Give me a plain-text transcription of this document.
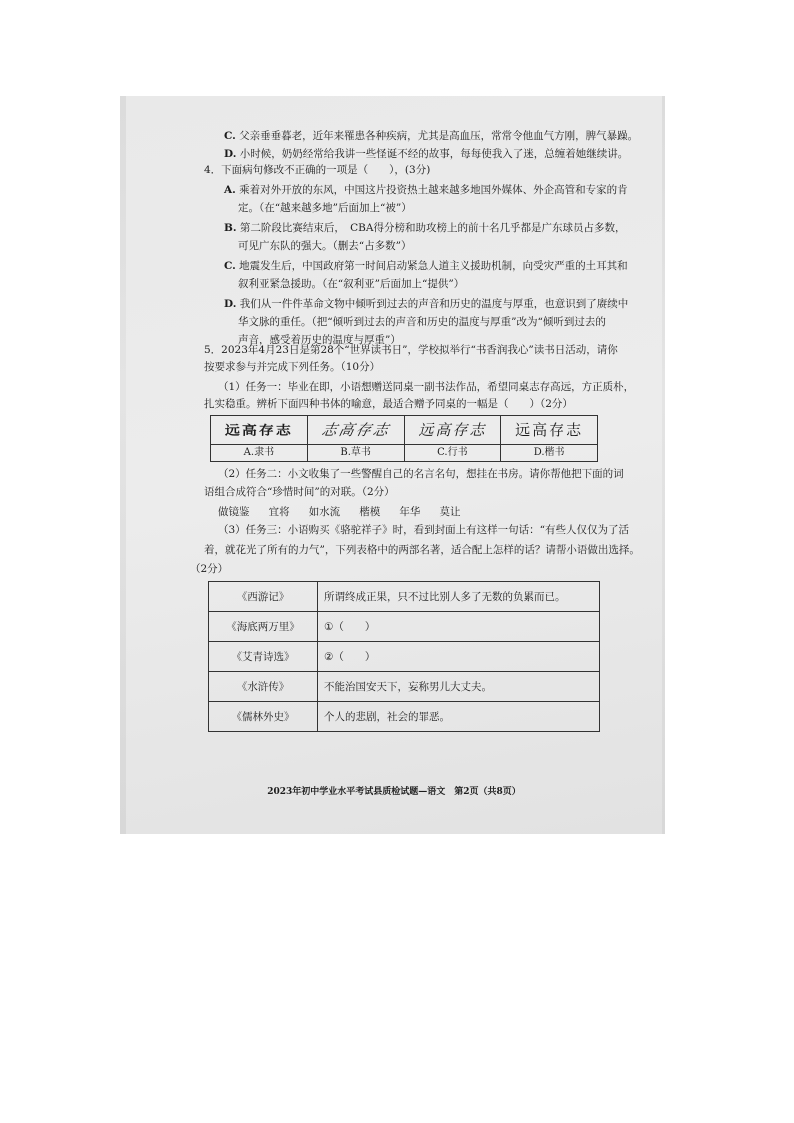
C. 父亲垂垂暮老，近年来罹患各种疾病，尤其是高血压，常常令他血气方刚，脾气暴躁。
D. 小时候，奶奶经常给我讲一些怪诞不经的故事，每每使我入了迷，总缠着她继续讲。
4．下面病句修改不正确的一项是（　　），(3分)
A. 乘着对外开放的东风，中国这片投资热土越来越多地国外媒体、外企高管和专家的肯
定。（在“越来越多地”后面加上“被”）
B. 第二阶段比赛结束后，　CBA得分榜和助攻榜上的前十名几乎都是广东球员占多数，
可见广东队的强大。（删去“占多数”）
C. 地震发生后，中国政府第一时间启动紧急人道主义援助机制，向受灾严重的土耳其和
叙利亚紧急援助。（在“叙利亚”后面加上“提供”）
D. 我们从一件件革命文物中倾听到过去的声音和历史的温度与厚重，也意识到了赓续中
华文脉的重任。（把“倾听到过去的声音和历史的温度与厚重”改为“倾听到过去的
声音，感受着历史的温度与厚重”）
5．2023年4月23日是第28个“世界读书日”，学校拟举行“书香润我心”读书日活动，请你
按要求参与并完成下列任务。（10分）
（1）任务一：毕业在即，小语想赠送同桌一副书法作品，希望同桌志存高远，方正质朴，
扎实稳重。辨析下面四种书体的喻意，最适合赠予同桌的一幅是（　　）（2分）
远高存志	志高存志	远高存志	远高存志
A.隶书	B.草书	C.行书	D.楷书
（2）任务二：小文收集了一些警醒自己的名言名句，想挂在书房。请你帮他把下面的词
语组合成符合“珍惜时间”的对联。（2分）
做镜鉴   宜将   如水流   楷模   年华   莫让
（3）任务三：小语购买《骆驼祥子》时，看到封面上有这样一句话：“有些人仅仅为了活
着，就花光了所有的力气”，下列表格中的两部名著，适合配上怎样的话？请帮小语做出选择。
（2分）
《西游记》	所谓终成正果，只不过比别人多了无数的负累而已。
《海底两万里》	①（　　）
《艾青诗选》	②（　　）
《水浒传》	不能治国安天下，妄称男儿大丈夫。
《儒林外史》	个人的悲剧，社会的罪恶。
2023年初中学业水平考试县质检试题—语文　第2页（共8页）
